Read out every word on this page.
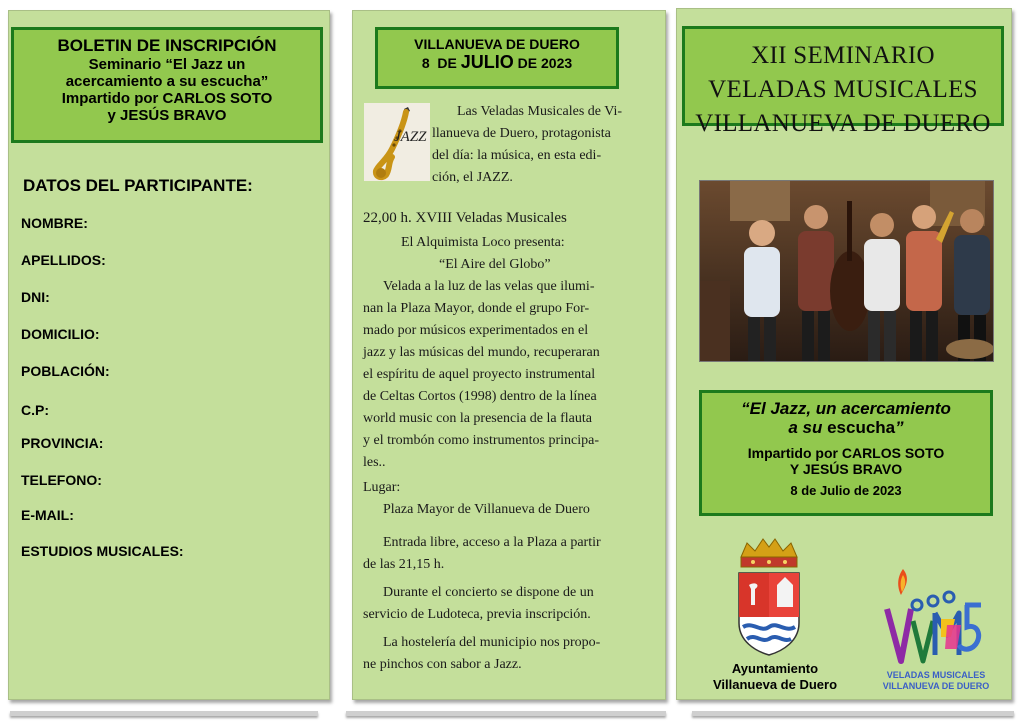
BOLETIN DE INSCRIPCIÓN
Seminario “El Jazz un
acercamiento a su escucha”
Impartido por CARLOS SOTO
y JESÚS BRAVO
DATOS DEL PARTICIPANTE:
NOMBRE:
APELLIDOS:
DNI:
DOMICILIO:
POBLACIÓN:
C.P:
PROVINCIA:
TELEFONO:
E-MAIL:
ESTUDIOS MUSICALES:
VILLANUEVA DE DUERO
8 DE JULIO DE 2023
JAZZ
Las Veladas Musicales de Vi-
llanueva de Duero, protagonista
del día: la música, en esta edi-
ción, el JAZZ.
22,00 h. XVIII Veladas Musicales
El Alquimista Loco presenta:
“El Aire del Globo”
Velada a la luz de las velas que ilumi-
nan la Plaza Mayor, donde el grupo For-
mado por músicos experimentados en el
jazz y las músicas del mundo, recuperaran
el espíritu de aquel proyecto instrumental
de Celtas Cortos (1998) dentro de la línea
world music con la presencia de la flauta
y el trombón como instrumentos principa-
les..
Lugar:
Plaza Mayor de Villanueva de Duero
Entrada libre, acceso a la Plaza a partir
de las 21,15 h.
Durante el concierto se dispone de un
servicio de Ludoteca, previa inscripción.
La hostelería del municipio nos propo-
ne pinchos con sabor a Jazz.
XII SEMINARIO
VELADAS MUSICALES
VILLANUEVA DE DUERO
“El Jazz, un acercamiento
a su escucha”
Impartido por CARLOS SOTO
Y JESÚS BRAVO
8 de Julio de 2023
Ayuntamiento
Villanueva de Duero
VELADAS MUSICALES
VILLANUEVA DE DUERO
